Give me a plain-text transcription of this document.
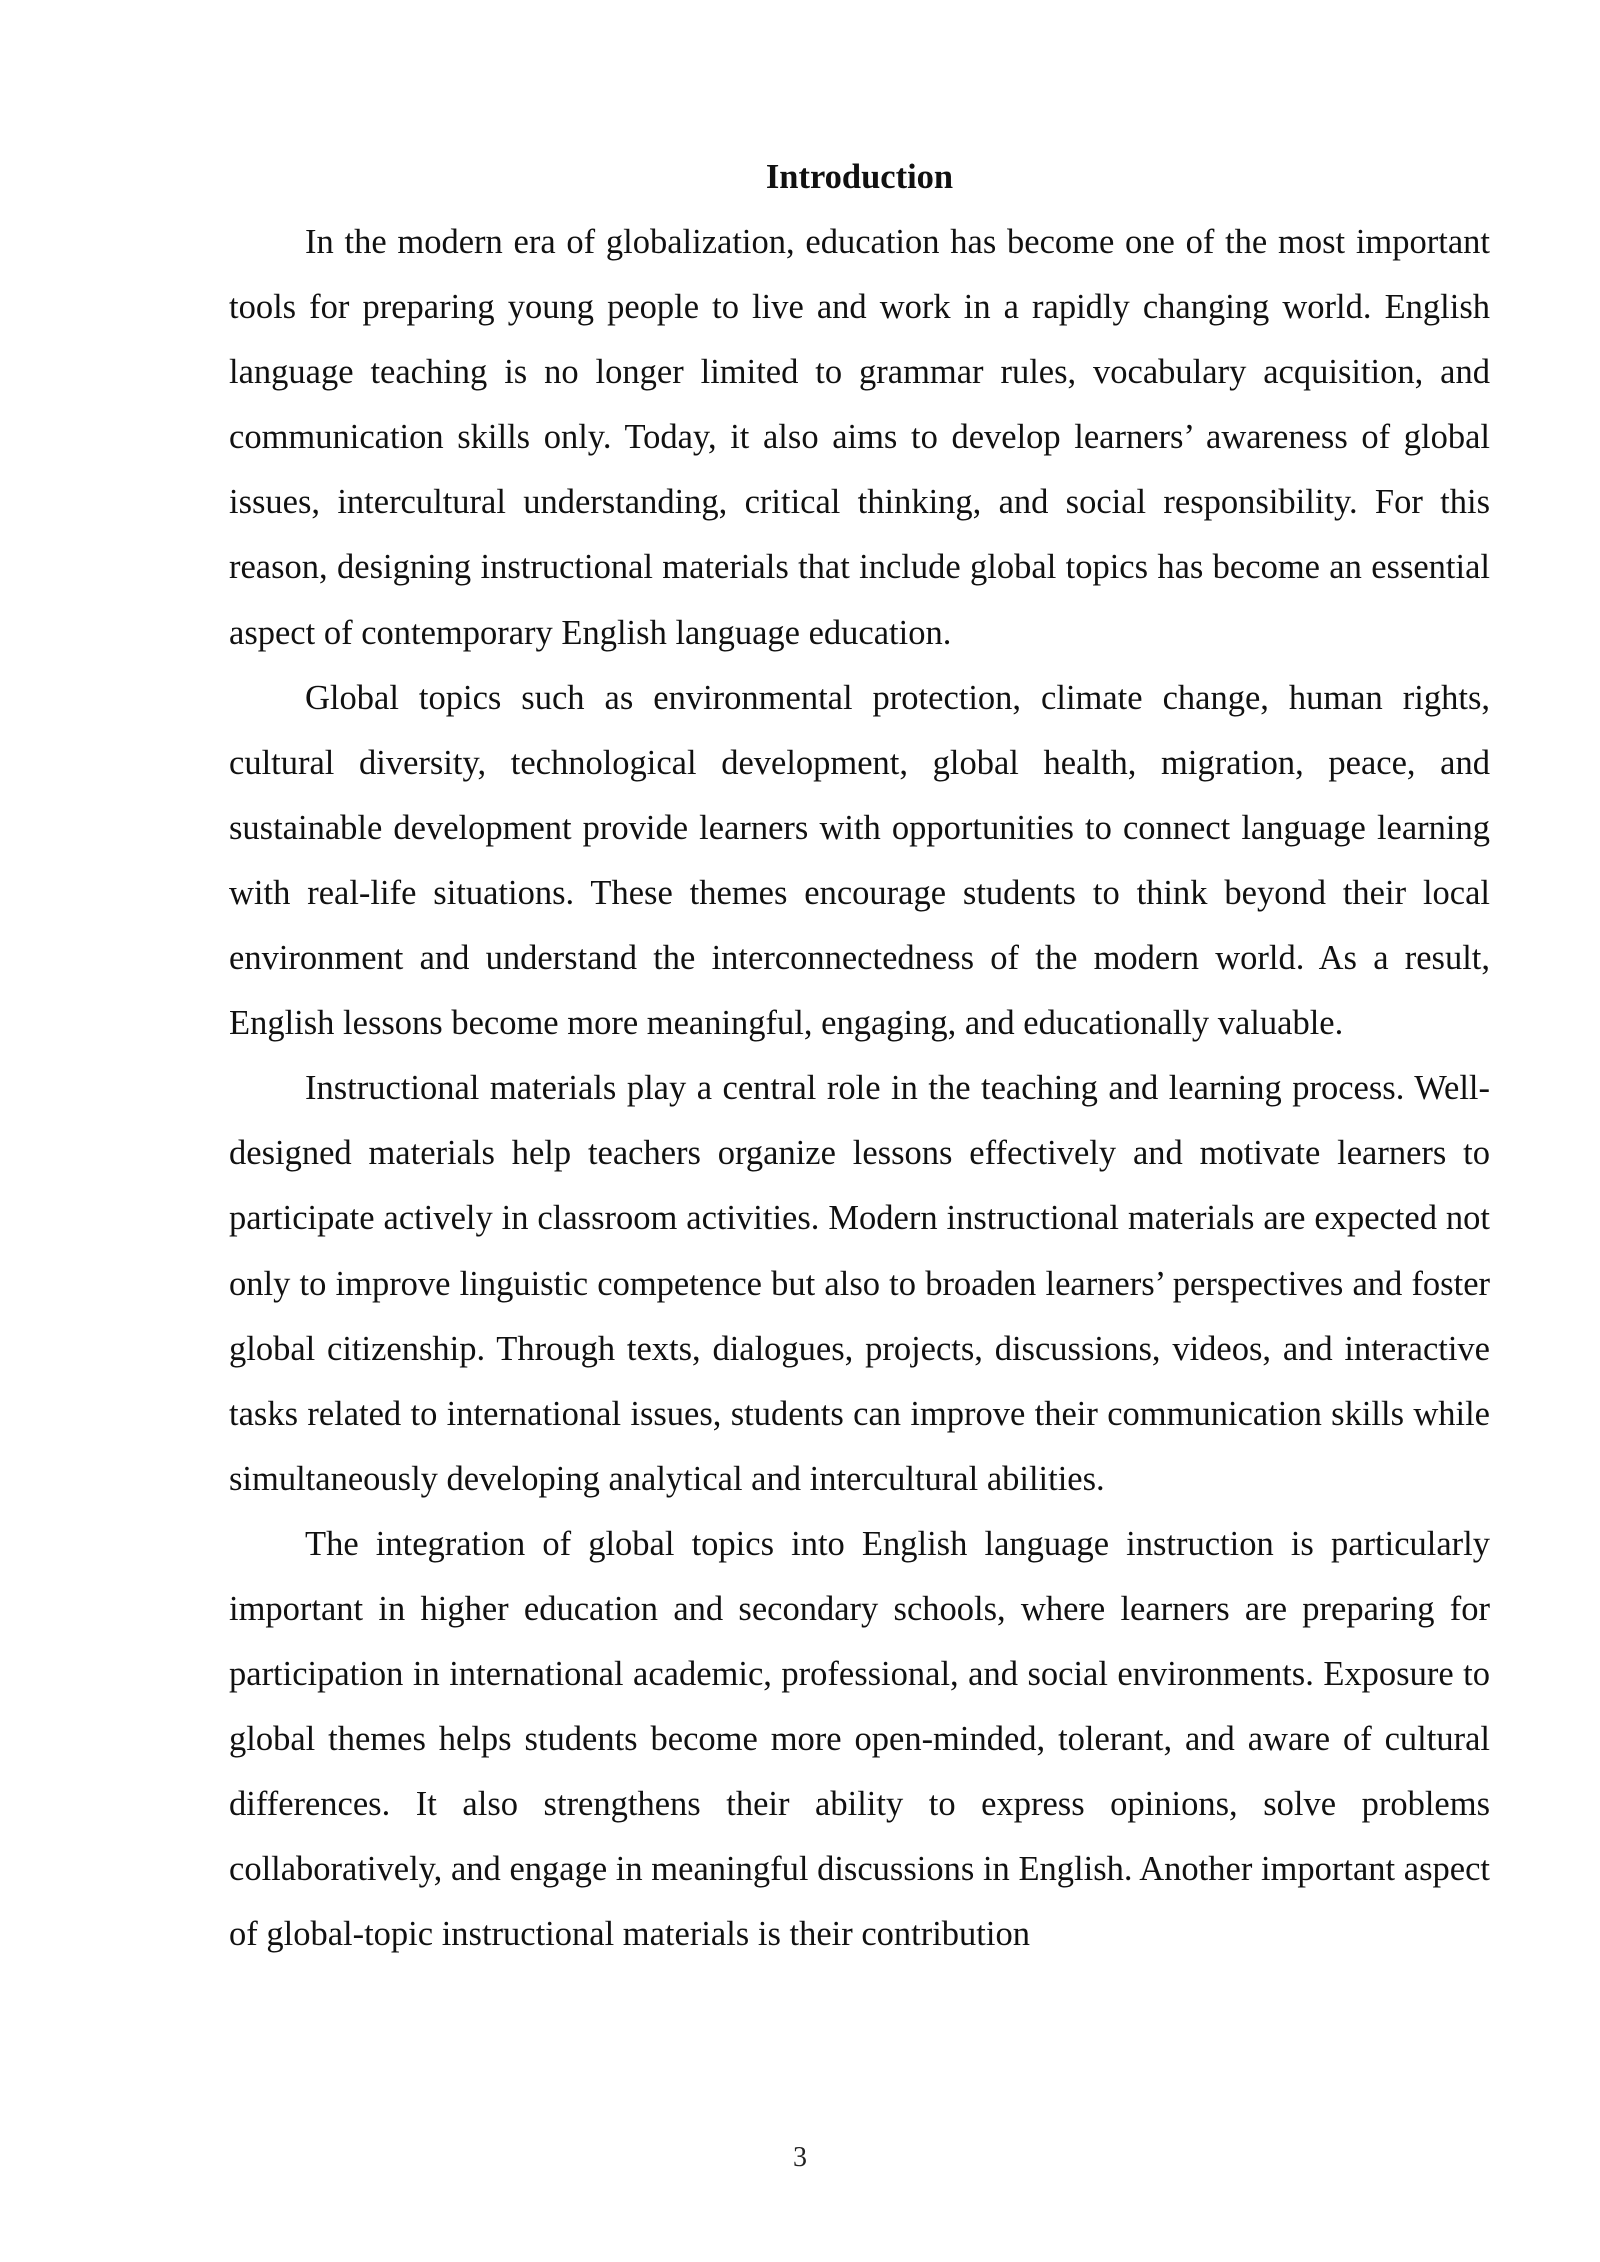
Introduction

In the modern era of globalization, education has become one of the most important tools for preparing young people to live and work in a rapidly changing world. English language teaching is no longer limited to grammar rules, vocabulary acquisition, and communication skills only. Today, it also aims to develop learners’ awareness of global issues, intercultural understanding, critical thinking, and social responsibility. For this reason, designing instructional materials that include global topics has become an essential aspect of contemporary English language education.

Global topics such as environmental protection, climate change, human rights, cultural diversity, technological development, global health, migration, peace, and sustainable development provide learners with opportunities to connect language learning with real-life situations. These themes encourage students to think beyond their local environment and understand the interconnectedness of the modern world. As a result, English lessons become more meaningful, engaging, and educationally valuable.

Instructional materials play a central role in the teaching and learning process. Well-designed materials help teachers organize lessons effectively and motivate learners to participate actively in classroom activities. Modern instructional materials are expected not only to improve linguistic competence but also to broaden learners’ perspectives and foster global citizenship. Through texts, dialogues, projects, discussions, videos, and interactive tasks related to international issues, students can improve their communication skills while simultaneously developing analytical and intercultural abilities.

The integration of global topics into English language instruction is particularly important in higher education and secondary schools, where learners are preparing for participation in international academic, professional, and social environments. Exposure to global themes helps students become more open-minded, tolerant, and aware of cultural differences. It also strengthens their ability to express opinions, solve problems collaboratively, and engage in meaningful discussions in English. Another important aspect of global-topic instructional materials is their contribution

3
